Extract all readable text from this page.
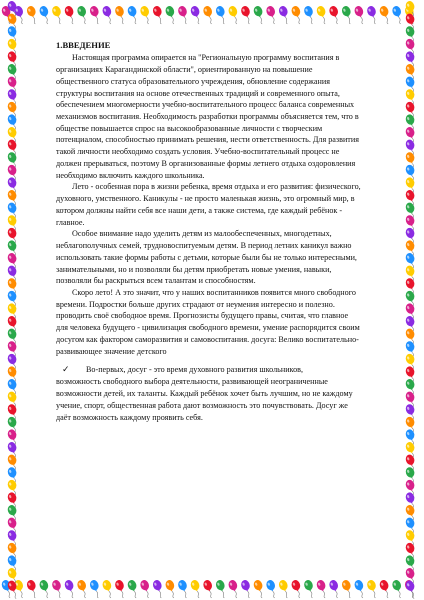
1.ВВЕДЕНИЕ

Настоящая программа опирается на "Региональную программу воспитания в организациях Карагандинской области", ориентированную на повышение общественного статуса образовательного учреждения, обновление содержания структуры воспитания на основе отечественных традиций и современного опыта, обеспечением многомерности учебно-воспитательного процесс баланса современных механизмов воспитания. Необходимость разработки программы объясняется тем, что в обществе повышается спрос на высокообразованные личности с творческим потенциалом, способностью принимать решения, нести ответственность. Для развития такой личности необходимо создать условия. Учебно-воспитательный процесс не должен прерываться, поэтому В организованные формы летнего отдыха оздоровления необходимо включить каждого школьника.

Лето - особенная пора в жизни ребенка, время отдыха и его развития: физического, духовного, умственного. Каникулы - не просто маленькая жизнь, это огромный мир, в котором должны найти себя все наши дети, а также система, где каждый ребёнок - главное.

Особое внимание надо уделить детям из малообеспеченных, многодетных, неблагополучных семей, трудновоспитуемым детям. В период летних каникул важно использовать такие формы работы с детьми, которые были бы не только интересными, занимательными, но и позволяли бы детям приобретать новые умения, навыки, позволяли бы раскрыться всем талантам и способностям.

Скоро лето! А это значит, что у наших воспитанников появится много свободного времени. Подростки больше других страдают от неумения интересно и полезно. проводить своё свободное время. Прогнозисты будущего правы, считая, что главное для человека будущего - цивилизация свободного времени, умение распорядится своим досугом как фактором саморазвития и самовоспитания. досуга: Велико воспитательно-развивающее значение детского

✓	Во-первых, досуг - это время духовного развития школьников,

возможность свободного выбора деятельности, развивающей неограниченные возможности детей, их таланты. Каждый ребёнок хочет быть лучшим, но не каждому учение, спорт, общественная работа дают возможность это почувствовать. Досуг же даёт возможность каждому проявить себя.
